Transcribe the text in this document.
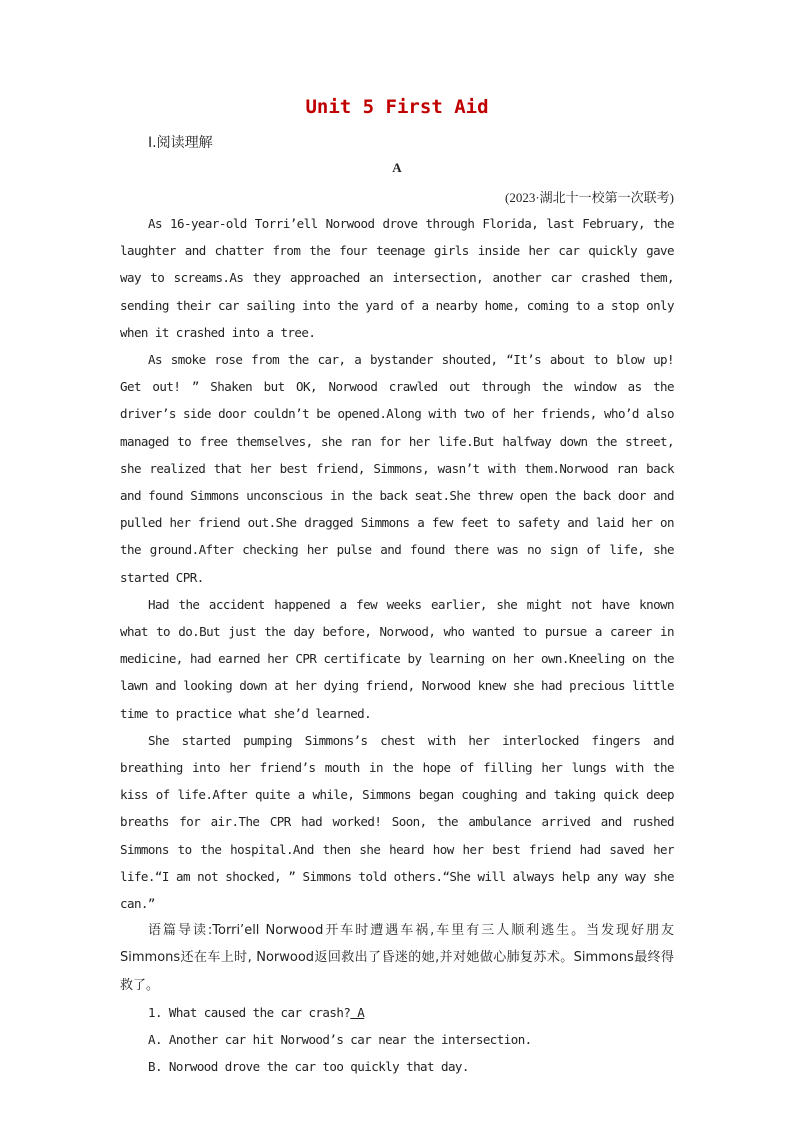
Unit 5 First Aid
Ⅰ.阅读理解
A
(2023·湖北十一校第一次联考)

As 16-year-old Torri’ell Norwood drove through Florida, last February, the laughter and chatter from the four teenage girls inside her car quickly gave way to screams.As they approached an intersection, another car crashed them, sending their car sailing into the yard of a nearby home, coming to a stop only when it crashed into a tree.

As smoke rose from the car, a bystander shouted, “It’s about to blow up! Get out! ” Shaken but OK, Norwood crawled out through the window as the driver’s side door couldn’t be opened.Along with two of her friends, who’d also managed to free themselves, she ran for her life.But halfway down the street, she realized that her best friend, Simmons, wasn’t with them.Norwood ran back and found Simmons unconscious in the back seat.She threw open the back door and pulled her friend out.She dragged Simmons a few feet to safety and laid her on the ground.After checking her pulse and found there was no sign of life, she started CPR.

Had the accident happened a few weeks earlier, she might not have known what to do.But just the day before, Norwood, who wanted to pursue a career in medicine, had earned her CPR certificate by learning on her own.Kneeling on the lawn and looking down at her dying friend, Norwood knew she had precious little time to practice what she’d learned.

She started pumping Simmons’s chest with her interlocked fingers and breathing into her friend’s mouth in the hope of filling her lungs with the kiss of life.After quite a while, Simmons began coughing and taking quick deep breaths for air.The CPR had worked! Soon, the ambulance arrived and rushed Simmons to the hospital.And then she heard how her best friend had saved her life.“I am not shocked, ” Simmons told others.“She will always help any way she can.”

语篇导读:Torri’ell Norwood开车时遭遇车祸,车里有三人顺利逃生。当发现好朋友Simmons还在车上时, Norwood返回救出了昏迷的她,并对她做心肺复苏术。Simmons最终得救了。

1. What caused the car crash? A
A. Another car hit Norwood’s car near the intersection.
B. Norwood drove the car too quickly that day.
